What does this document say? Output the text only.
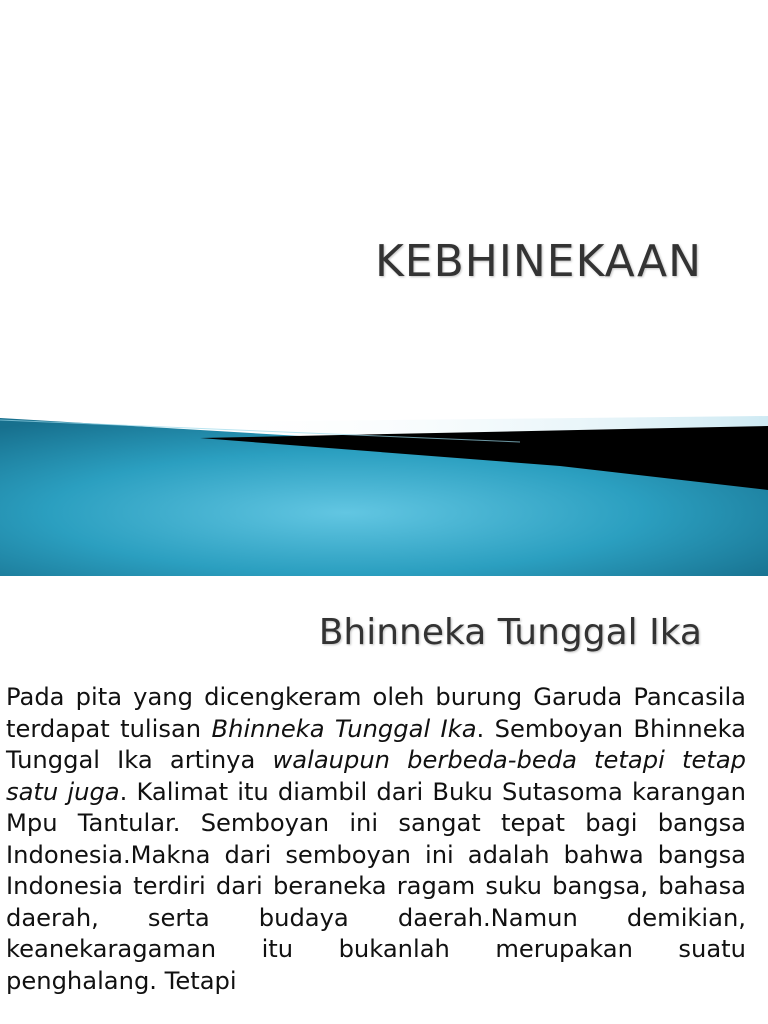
KEBHINEKAAN
Bhinneka Tunggal Ika

Pada pita yang dicengkeram oleh burung Garuda Pancasila terdapat tulisan Bhinneka Tunggal Ika. Semboyan Bhinneka Tunggal Ika artinya walaupun berbeda-beda tetapi tetap satu juga. Kalimat itu diambil dari Buku Sutasoma karangan Mpu Tantular. Semboyan ini sangat tepat bagi bangsa Indonesia.Makna dari semboyan ini adalah bahwa bangsa Indonesia terdiri dari beraneka ragam suku bangsa, bahasa daerah, serta budaya daerah.Namun demikian, keanekaragaman itu bukanlah merupakan suatu penghalang. Tetapi
